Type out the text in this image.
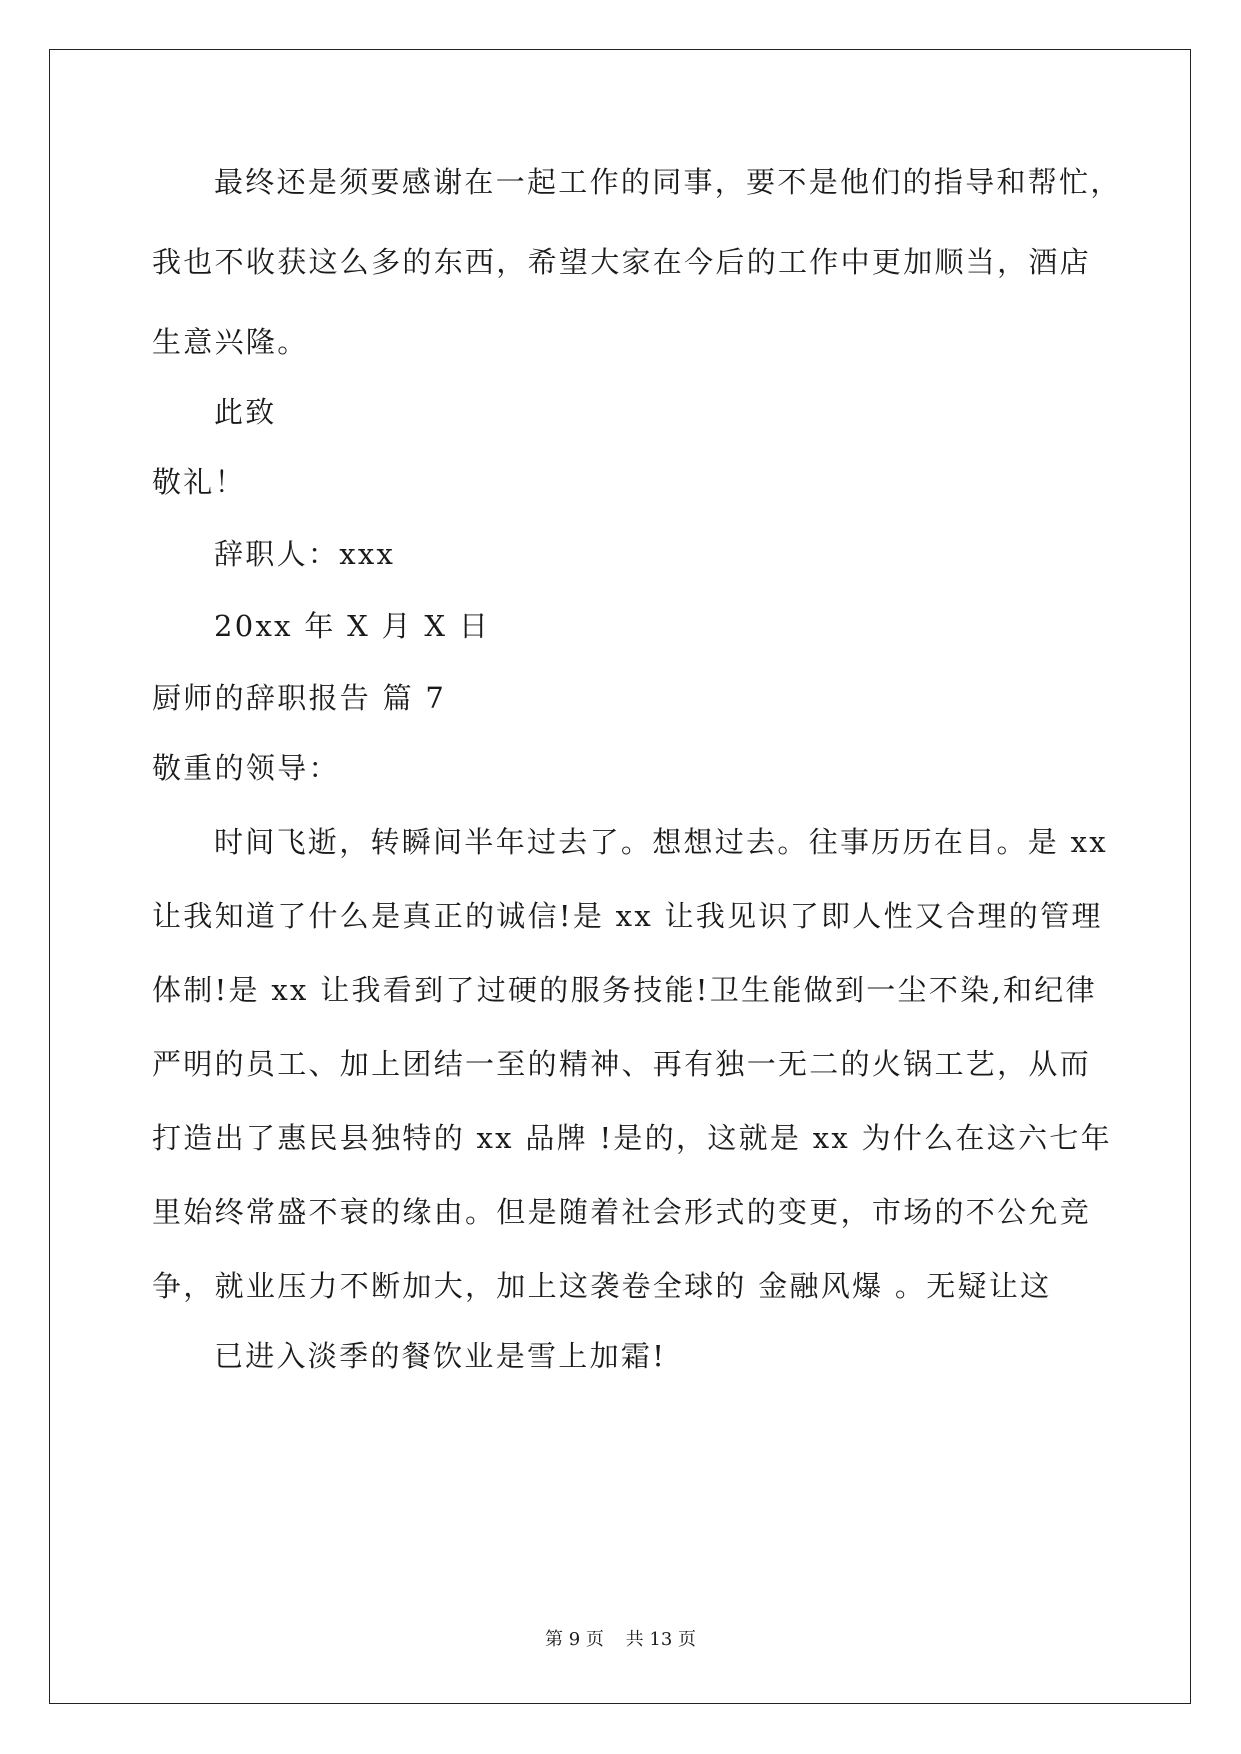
最终还是须要感谢在一起工作的同事，要不是他们的指导和帮忙，
我也不收获这么多的东西，希望大家在今后的工作中更加顺当，酒店
生意兴隆。
此致
敬礼！
辞职人：xxx
20xx 年 X 月 X 日
厨师的辞职报告 篇 7
敬重的领导：
时间飞逝，转瞬间半年过去了。想想过去。往事历历在目。是 xx
让我知道了什么是真正的诚信!是 xx 让我见识了即人性又合理的管理
体制!是 xx 让我看到了过硬的服务技能!卫生能做到一尘不染,和纪律
严明的员工、加上团结一至的精神、再有独一无二的火锅工艺，从而
打造出了惠民县独特的 xx 品牌 !是的，这就是 xx 为什么在这六七年
里始终常盛不衰的缘由。但是随着社会形式的变更，市场的不公允竞
争，就业压力不断加大，加上这袭卷全球的 金融风爆 。无疑让这
已进入淡季的餐饮业是雪上加霜!
第 9 页 共 13 页
